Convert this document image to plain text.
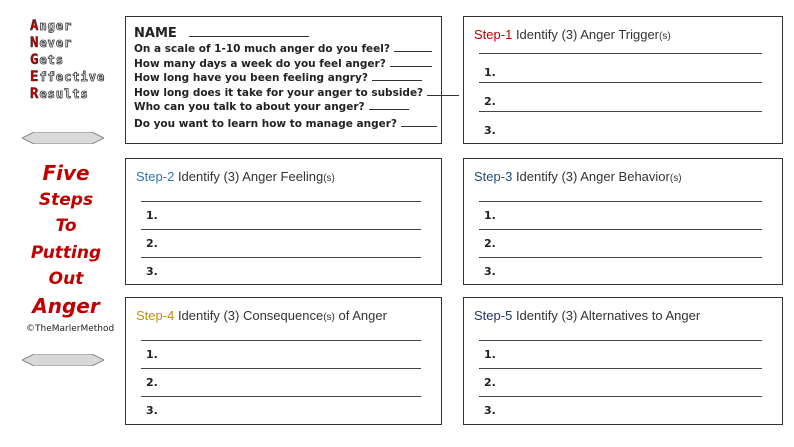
Anger
Never
Gets
Effective
Results
Five
Steps
To
Putting
Out
Anger
©TheMarlerMethod
NAME
On a scale of 1-10 much anger do you feel?
How many days a week do you feel anger?
How long have you been feeling angry?
How long does it take for your anger to subside?
Who can you talk to about your anger?
Do you want to learn how to manage anger?
Step-1 Identify (3) Anger Trigger(s)
1.
2.
3.
Step-2 Identify (3) Anger Feeling(s)
1.
2.
3.
Step-3 Identify (3) Anger Behavior(s)
1.
2.
3.
Step-4 Identify (3) Consequence(s) of Anger
1.
2.
3.
Step-5 Identify (3) Alternatives to Anger
1.
2.
3.
